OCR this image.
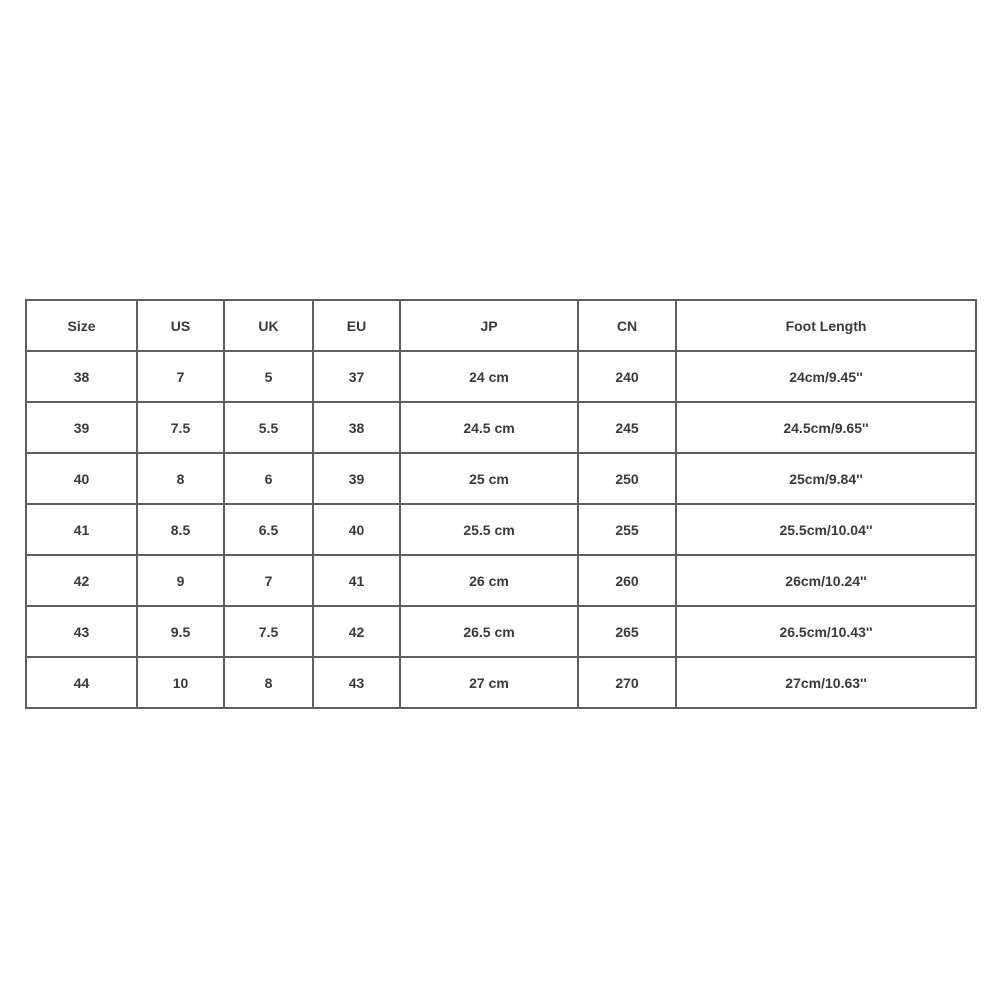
Size	US	UK	EU	JP	CN	Foot Length
38	7	5	37	24 cm	240	24cm/9.45''
39	7.5	5.5	38	24.5 cm	245	24.5cm/9.65''
40	8	6	39	25 cm	250	25cm/9.84''
41	8.5	6.5	40	25.5 cm	255	25.5cm/10.04''
42	9	7	41	26 cm	260	26cm/10.24''
43	9.5	7.5	42	26.5 cm	265	26.5cm/10.43''
44	10	8	43	27 cm	270	27cm/10.63''
